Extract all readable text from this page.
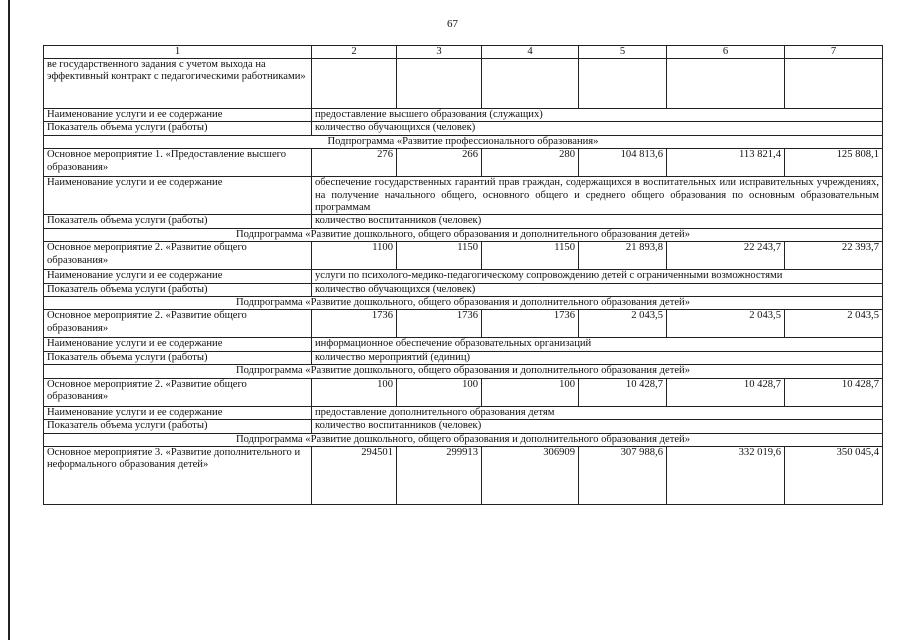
67
1	2	3	4	5	6	7
ве государственного задания с учетом выхода на эффективный контракт с педагогическими работниками»						
Наименование услуги и ее содержание	предоставление высшего образования (служащих)					
Показатель объема услуги (работы)	количество обучающихся (человек)					
Подпрограмма «Развитие профессионального образования»						
Основное мероприятие 1. «Предоставление высшего образования»	276	266	280	104 813,6	113 821,4	125 808,1
Наименование услуги и ее содержание	обеспечение государственных гарантий прав граждан, содержащихся в воспитательных или исправительных учреждениях, на получение начального общего, основного общего и среднего общего образования по основным образовательным программам					
Показатель объема услуги (работы)	количество воспитанников (человек)					
Подпрограмма «Развитие дошкольного, общего образования и дополнительного образования детей»						
Основное мероприятие 2. «Развитие общего образования»	1100	1150	1150	21 893,8	22 243,7	22 393,7
Наименование услуги и ее содержание	услуги по психолого-медико-педагогическому сопровождению детей с ограниченными возможностями					
Показатель объема услуги (работы)	количество обучающихся (человек)					
Подпрограмма «Развитие дошкольного, общего образования и дополнительного образования детей»						
Основное мероприятие 2. «Развитие общего образования»	1736	1736	1736	2 043,5	2 043,5	2 043,5
Наименование услуги и ее содержание	информационное обеспечение образовательных организаций					
Показатель объема услуги (работы)	количество мероприятий (единиц)					
Подпрограмма «Развитие дошкольного, общего образования и дополнительного образования детей»						
Основное мероприятие 2. «Развитие общего образования»	100	100	100	10 428,7	10 428,7	10 428,7
Наименование услуги и ее содержание	предоставление дополнительного образования детям					
Показатель объема услуги (работы)	количество воспитанников (человек)					
Подпрограмма «Развитие дошкольного, общего образования и дополнительного образования детей»						
Основное мероприятие 3. «Развитие дополнительного и неформального образования детей»	294501	299913	306909	307 988,6	332 019,6	350 045,4
